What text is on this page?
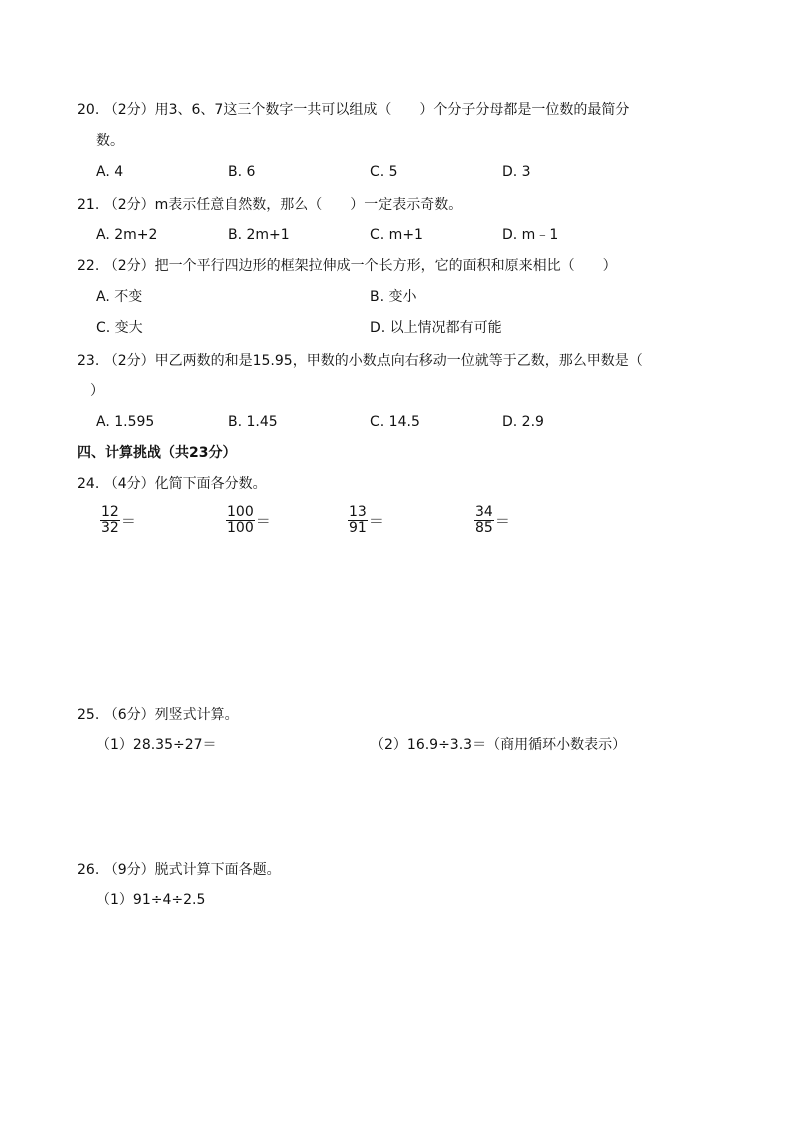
20. （2分）用3、6、7这三个数字一共可以组成（　　）个分子分母都是一位数的最简分
数。
A. 4	B. 6	C. 5	D. 3
21. （2分）m表示任意自然数，那么（　　）一定表示奇数。
A. 2m+2	B. 2m+1	C. m+1	D. m﹣1
22. （2分）把一个平行四边形的框架拉伸成一个长方形，它的面积和原来相比（　　）
A. 不变	B. 变小
C. 变大	D. 以上情况都有可能
23. （2分）甲乙两数的和是15.95，甲数的小数点向右移动一位就等于乙数，那么甲数是（
）
A. 1.595	B. 1.45	C. 14.5	D. 2.9
四、计算挑战（共23分）
24. （4分）化简下面各分数。
$\frac{12}{32}$ ＝	$\frac{100}{100}$ ＝	$\frac{13}{91}$ ＝	$\frac{34}{85}$ ＝
25. （6分）列竖式计算。
（1）28.35÷27＝	（2）16.9÷3.3＝（商用循环小数表示）
26. （9分）脱式计算下面各题。
（1）91÷4÷2.5
